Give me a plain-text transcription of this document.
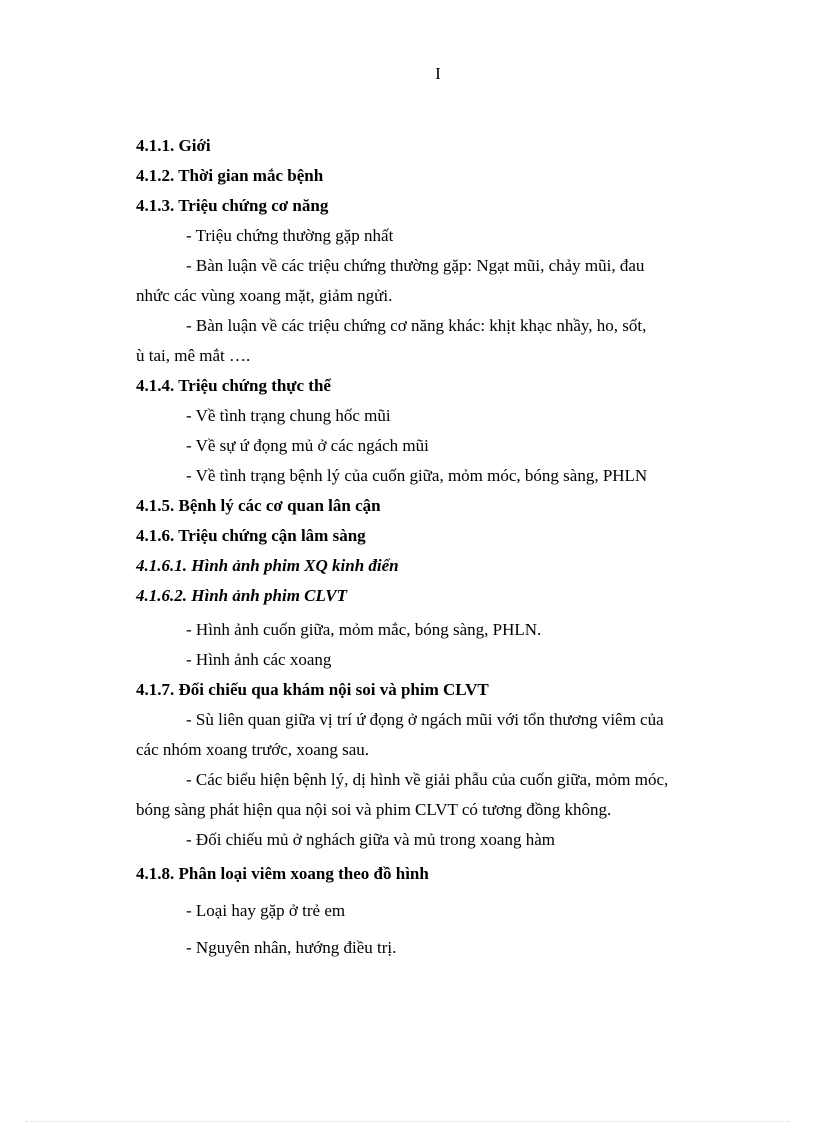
I
4.1.1. Giới
4.1.2. Thời gian mắc bệnh
4.1.3. Triệu chứng cơ năng
- Triệu chứng thường gặp nhất
- Bàn luận về các triệu chứng thường gặp: Ngạt mũi, chảy mũi, đau
nhức các vùng xoang mặt, giảm ngửi.
- Bàn luận về các triệu chứng cơ năng khác: khịt khạc nhầy, ho, sốt,
ù tai, mê mắt ….
4.1.4. Triệu chứng thực thể
- Về tình trạng chung hốc mũi
- Về sự ứ đọng mủ ở các ngách mũi
- Về tình trạng bệnh lý của cuốn giữa, mỏm móc, bóng sàng, PHLN
4.1.5. Bệnh lý các cơ quan lân cận
4.1.6. Triệu chứng cận lâm sàng
4.1.6.1. Hình ảnh phim XQ kinh điển
4.1.6.2. Hình ảnh phim CLVT
- Hình ảnh cuốn giữa, mỏm mắc, bóng sàng, PHLN.
- Hình ảnh các xoang
4.1.7. Đối chiếu qua khám nội soi và phim CLVT
- Sù liên quan giữa vị trí ứ đọng ở ngách mũi với tổn thương viêm của
các nhóm xoang trước, xoang sau.
- Các biểu hiện bệnh lý, dị hình về giải phẫu của cuốn giữa, mỏm móc,
bóng sàng phát hiện qua nội soi và phim CLVT có tương đồng không.
- Đối chiếu mủ ở nghách giữa và mủ trong xoang hàm
4.1.8. Phân loại viêm xoang theo đồ hình
- Loại hay gặp ở trẻ em
- Nguyên nhân, hướng điều trị.
